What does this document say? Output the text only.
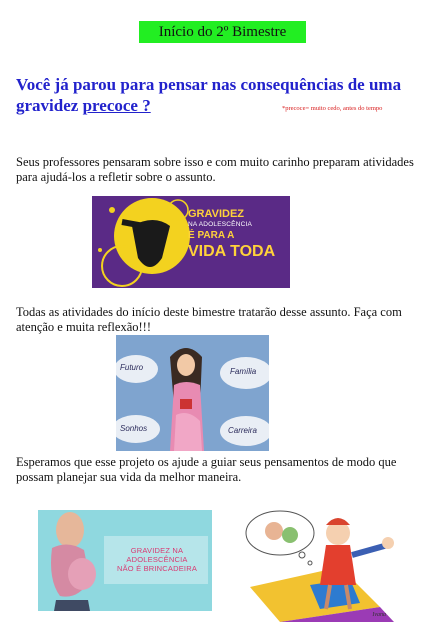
Início do 2º Bimestre
Você já parou para pensar nas consequências de uma gravidez precoce ?	*precoce= muito cedo, antes do tempo
Seus professores pensaram sobre isso e com muito carinho preparam atividades para ajudá-los a refletir sobre o assunto.
GRAVIDEZ
NA ADOLESCÊNCIA
É PARA A
VIDA TODA
Todas as atividades do início deste bimestre tratarão desse assunto. Faça com atenção e muita reflexão!!!
Futuro	Família
Sonhos	Carreira
Esperamos que esse projeto os ajude a guiar seus pensamentos de modo que possam planejar sua vida da melhor maneira.
GRAVIDEZ NA
ADOLESCÊNCIA
NÃO É BRINCADEIRA
Ivana
